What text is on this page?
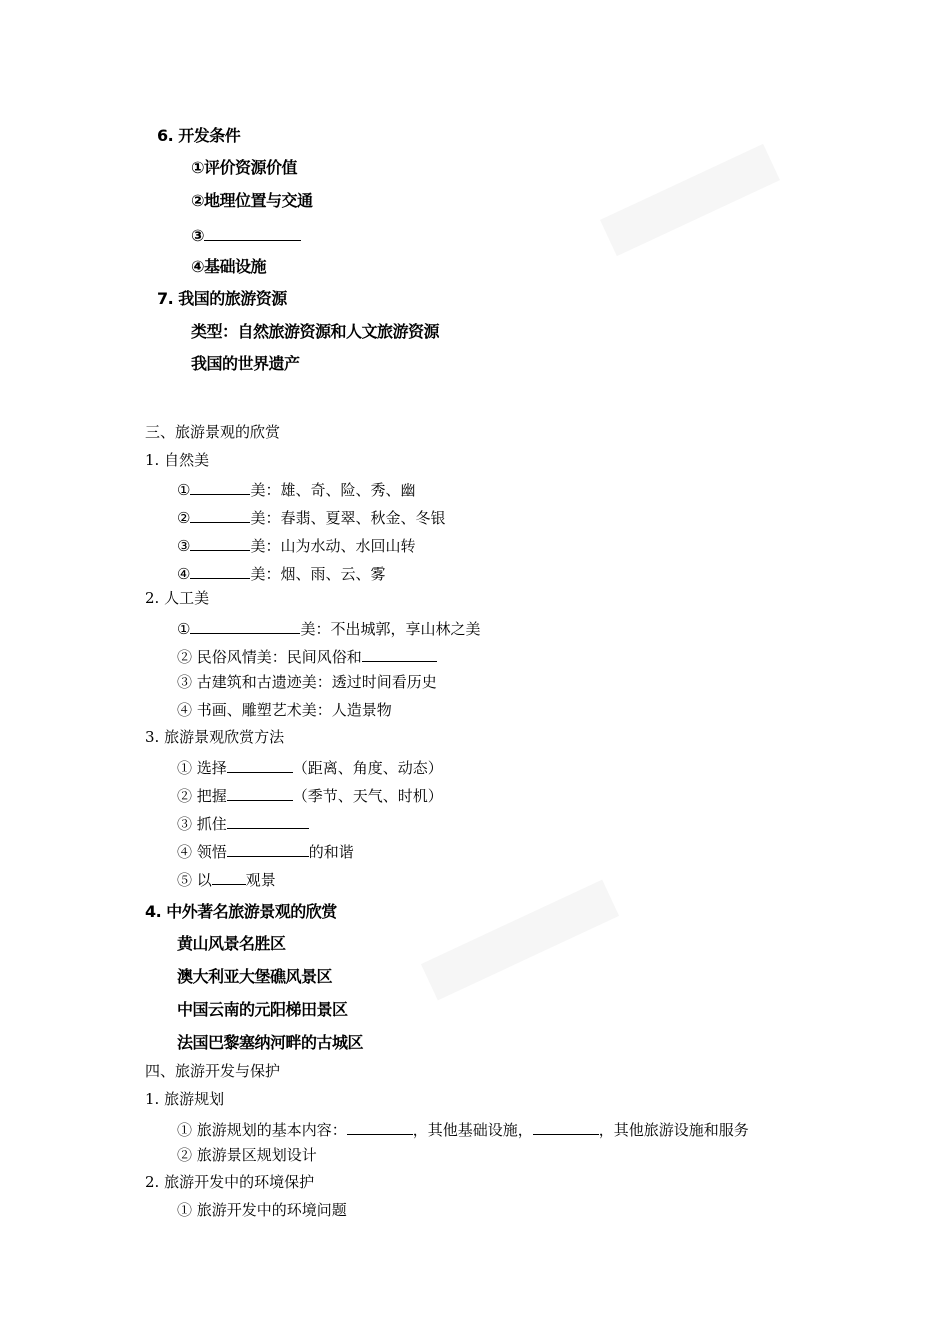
6. 开发条件
①评价资源价值
②地理位置与交通
③
④基础设施
7. 我国的旅游资源
类型：自然旅游资源和人文旅游资源
我国的世界遗产
三、旅游景观的欣赏
1. 自然美
①	美：雄、奇、险、秀、幽
②	美：春翡、夏翠、秋金、冬银
③	美：山为水动、水回山转
④	美：烟、雨、云、雾
2. 人工美
①	美：不出城郭，享山林之美
② 民俗风情美：民间风俗和
③ 古建筑和古遗迹美：透过时间看历史
④ 书画、雕塑艺术美：人造景物
3. 旅游景观欣赏方法
① 选择	（距离、角度、动态）
② 把握	（季节、天气、时机）
③ 抓住
④ 领悟	的和谐
⑤ 以 观景
4. 中外著名旅游景观的欣赏
黄山风景名胜区
澳大利亚大堡礁风景区
中国云南的元阳梯田景区
法国巴黎塞纳河畔的古城区
四、旅游开发与保护
1. 旅游规划
① 旅游规划的基本内容：	，其他基础设施，	，其他旅游设施和服务
② 旅游景区规划设计
2. 旅游开发中的环境保护
① 旅游开发中的环境问题
